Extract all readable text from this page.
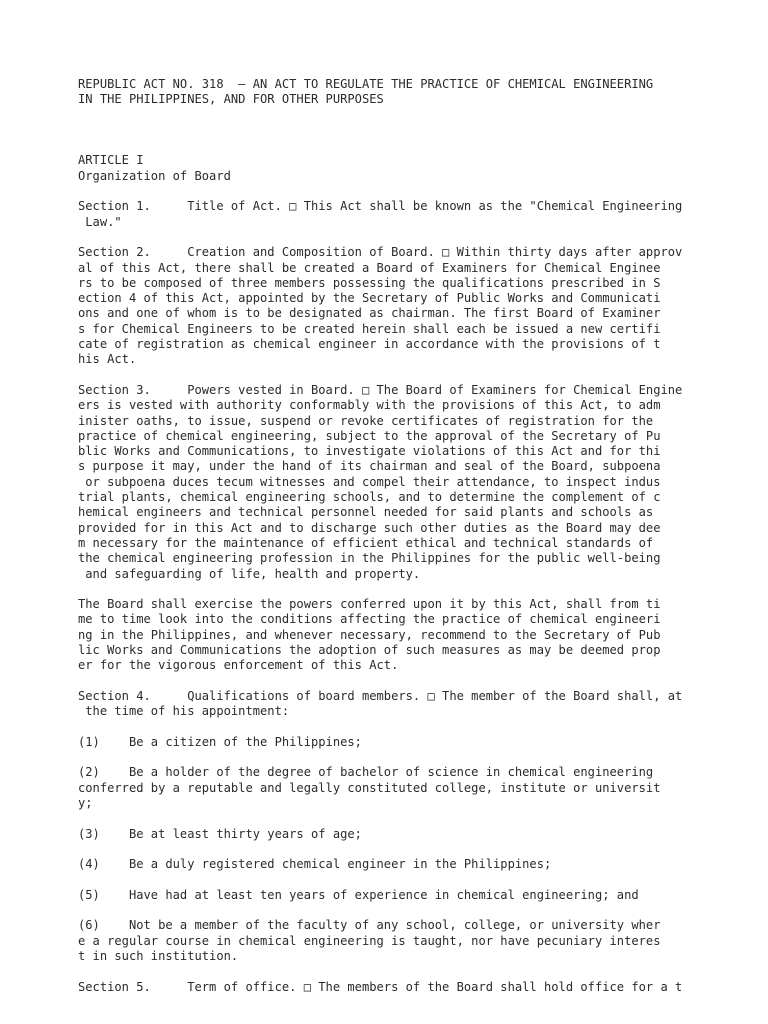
REPUBLIC ACT NO. 318  – AN ACT TO REGULATE THE PRACTICE OF CHEMICAL ENGINEERING
IN THE PHILIPPINES, AND FOR OTHER PURPOSES
ARTICLE I
Organization of Board
Section 1.     Title of Act. □ This Act shall be known as the "Chemical Engineering
Law."
Section 2.     Creation and Composition of Board. □ Within thirty days after approv
al of this Act, there shall be created a Board of Examiners for Chemical Enginee
rs to be composed of three members possessing the qualifications prescribed in S
ection 4 of this Act, appointed by the Secretary of Public Works and Communicati
ons and one of whom is to be designated as chairman. The first Board of Examiner
s for Chemical Engineers to be created herein shall each be issued a new certifi
cate of registration as chemical engineer in accordance with the provisions of t
his Act.
Section 3.     Powers vested in Board. □ The Board of Examiners for Chemical Engine
ers is vested with authority conformably with the provisions of this Act, to adm
inister oaths, to issue, suspend or revoke certificates of registration for the
practice of chemical engineering, subject to the approval of the Secretary of Pu
blic Works and Communications, to investigate violations of this Act and for thi
s purpose it may, under the hand of its chairman and seal of the Board, subpoena
or subpoena duces tecum witnesses and compel their attendance, to inspect indus
trial plants, chemical engineering schools, and to determine the complement of c
hemical engineers and technical personnel needed for said plants and schools as
provided for in this Act and to discharge such other duties as the Board may dee
m necessary for the maintenance of efficient ethical and technical standards of
the chemical engineering profession in the Philippines for the public well-being
and safeguarding of life, health and property.
The Board shall exercise the powers conferred upon it by this Act, shall from ti
me to time look into the conditions affecting the practice of chemical engineeri
ng in the Philippines, and whenever necessary, recommend to the Secretary of Pub
lic Works and Communications the adoption of such measures as may be deemed prop
er for the vigorous enforcement of this Act.
Section 4.     Qualifications of board members. □ The member of the Board shall, at
the time of his appointment:
(1)    Be a citizen of the Philippines;
(2)    Be a holder of the degree of bachelor of science in chemical engineering
conferred by a reputable and legally constituted college, institute or universit
y;
(3)    Be at least thirty years of age;
(4)    Be a duly registered chemical engineer in the Philippines;
(5)    Have had at least ten years of experience in chemical engineering; and
(6)    Not be a member of the faculty of any school, college, or university wher
e a regular course in chemical engineering is taught, nor have pecuniary interes
t in such institution.
Section 5.     Term of office. □ The members of the Board shall hold office for a t
